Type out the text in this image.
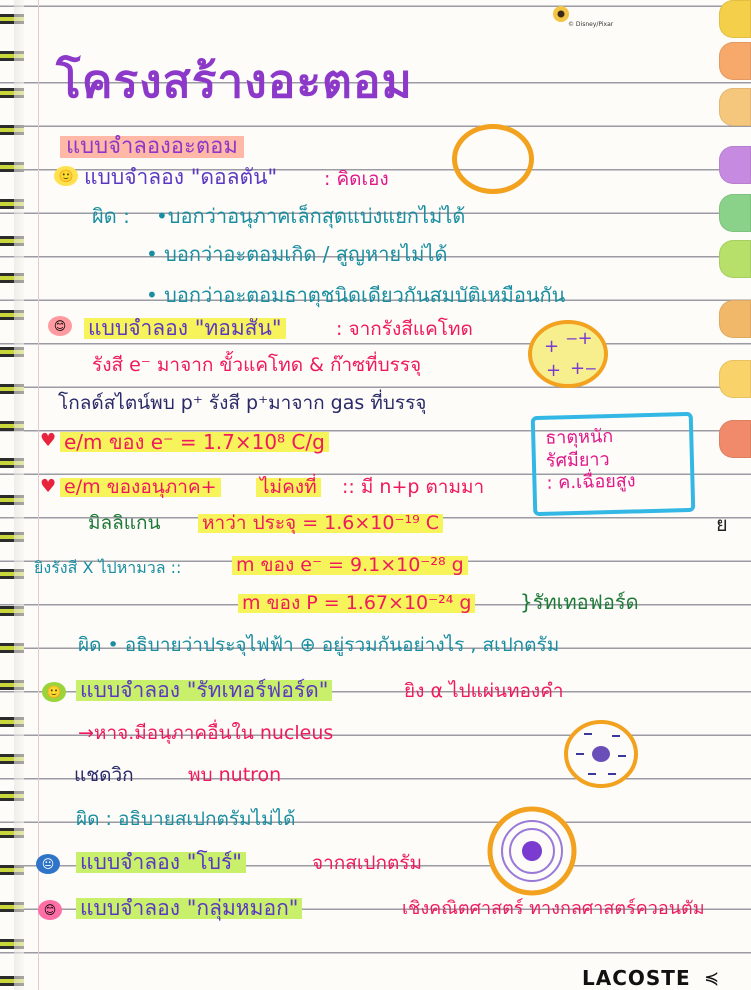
© Disney/Pixar
โครงสร้างอะตอม
แบบจำลองอะตอม
🙂 แบบจำลอง "ดอลตัน" : คิดเอง
ผิด : •บอกว่าอนุภาคเล็กสุดแบ่งแยกไม่ได้
• บอกว่าอะตอมเกิด / สูญหายไม่ได้
• บอกว่าอะตอมธาตุชนิดเดียวกันสมบัติเหมือนกัน
😊 แบบจำลอง "ทอมสัน"	: จากรังสีแคโทด
+ ‒+
+ +‒
รังสี e⁻ มาจาก ขั้วแคโทด & ก๊าซที่บรรจุ
โกลด์สไตน์พบ p⁺ รังสี p⁺มาจาก gas ที่บรรจุ
♥ e/m ของ e⁻ = 1.7×10⁸ C/g
♥ e/m ของอนุภาค+ ไม่คงที่ :: มี n+p ตามมา
ธาตุหนัก
รัศมียาว
: ค.เฉื่อยสูง
ย
มิลลิแกน หาว่า ประจุ = 1.6×10⁻¹⁹ C
ยิงรังสี X ไปหามวล ::	m ของ e⁻ = 9.1×10⁻²⁸ g
m ของ P = 1.67×10⁻²⁴ g }รัทเทอฟอร์ด
ผิด • อธิบายว่าประจุไฟฟ้า ⊕ อยู่รวมกันอย่างไร , สเปกตรัม
🙂 แบบจำลอง "รัทเทอร์ฟอร์ด"	ยิง α ไปแผ่นทองคำ
→หาจ.มีอนุภาคอื่นใน nucleus
แชดวิก	พบ nutron
ผิด : อธิบายสเปกตรัมไม่ได้
😐 แบบจำลอง "โบร์"	จากสเปกตรัม
😊 แบบจำลอง "กลุ่มหมอก"	เชิงคณิตศาสตร์ ทางกลศาสตร์ควอนตัม
LACOSTE ≼
